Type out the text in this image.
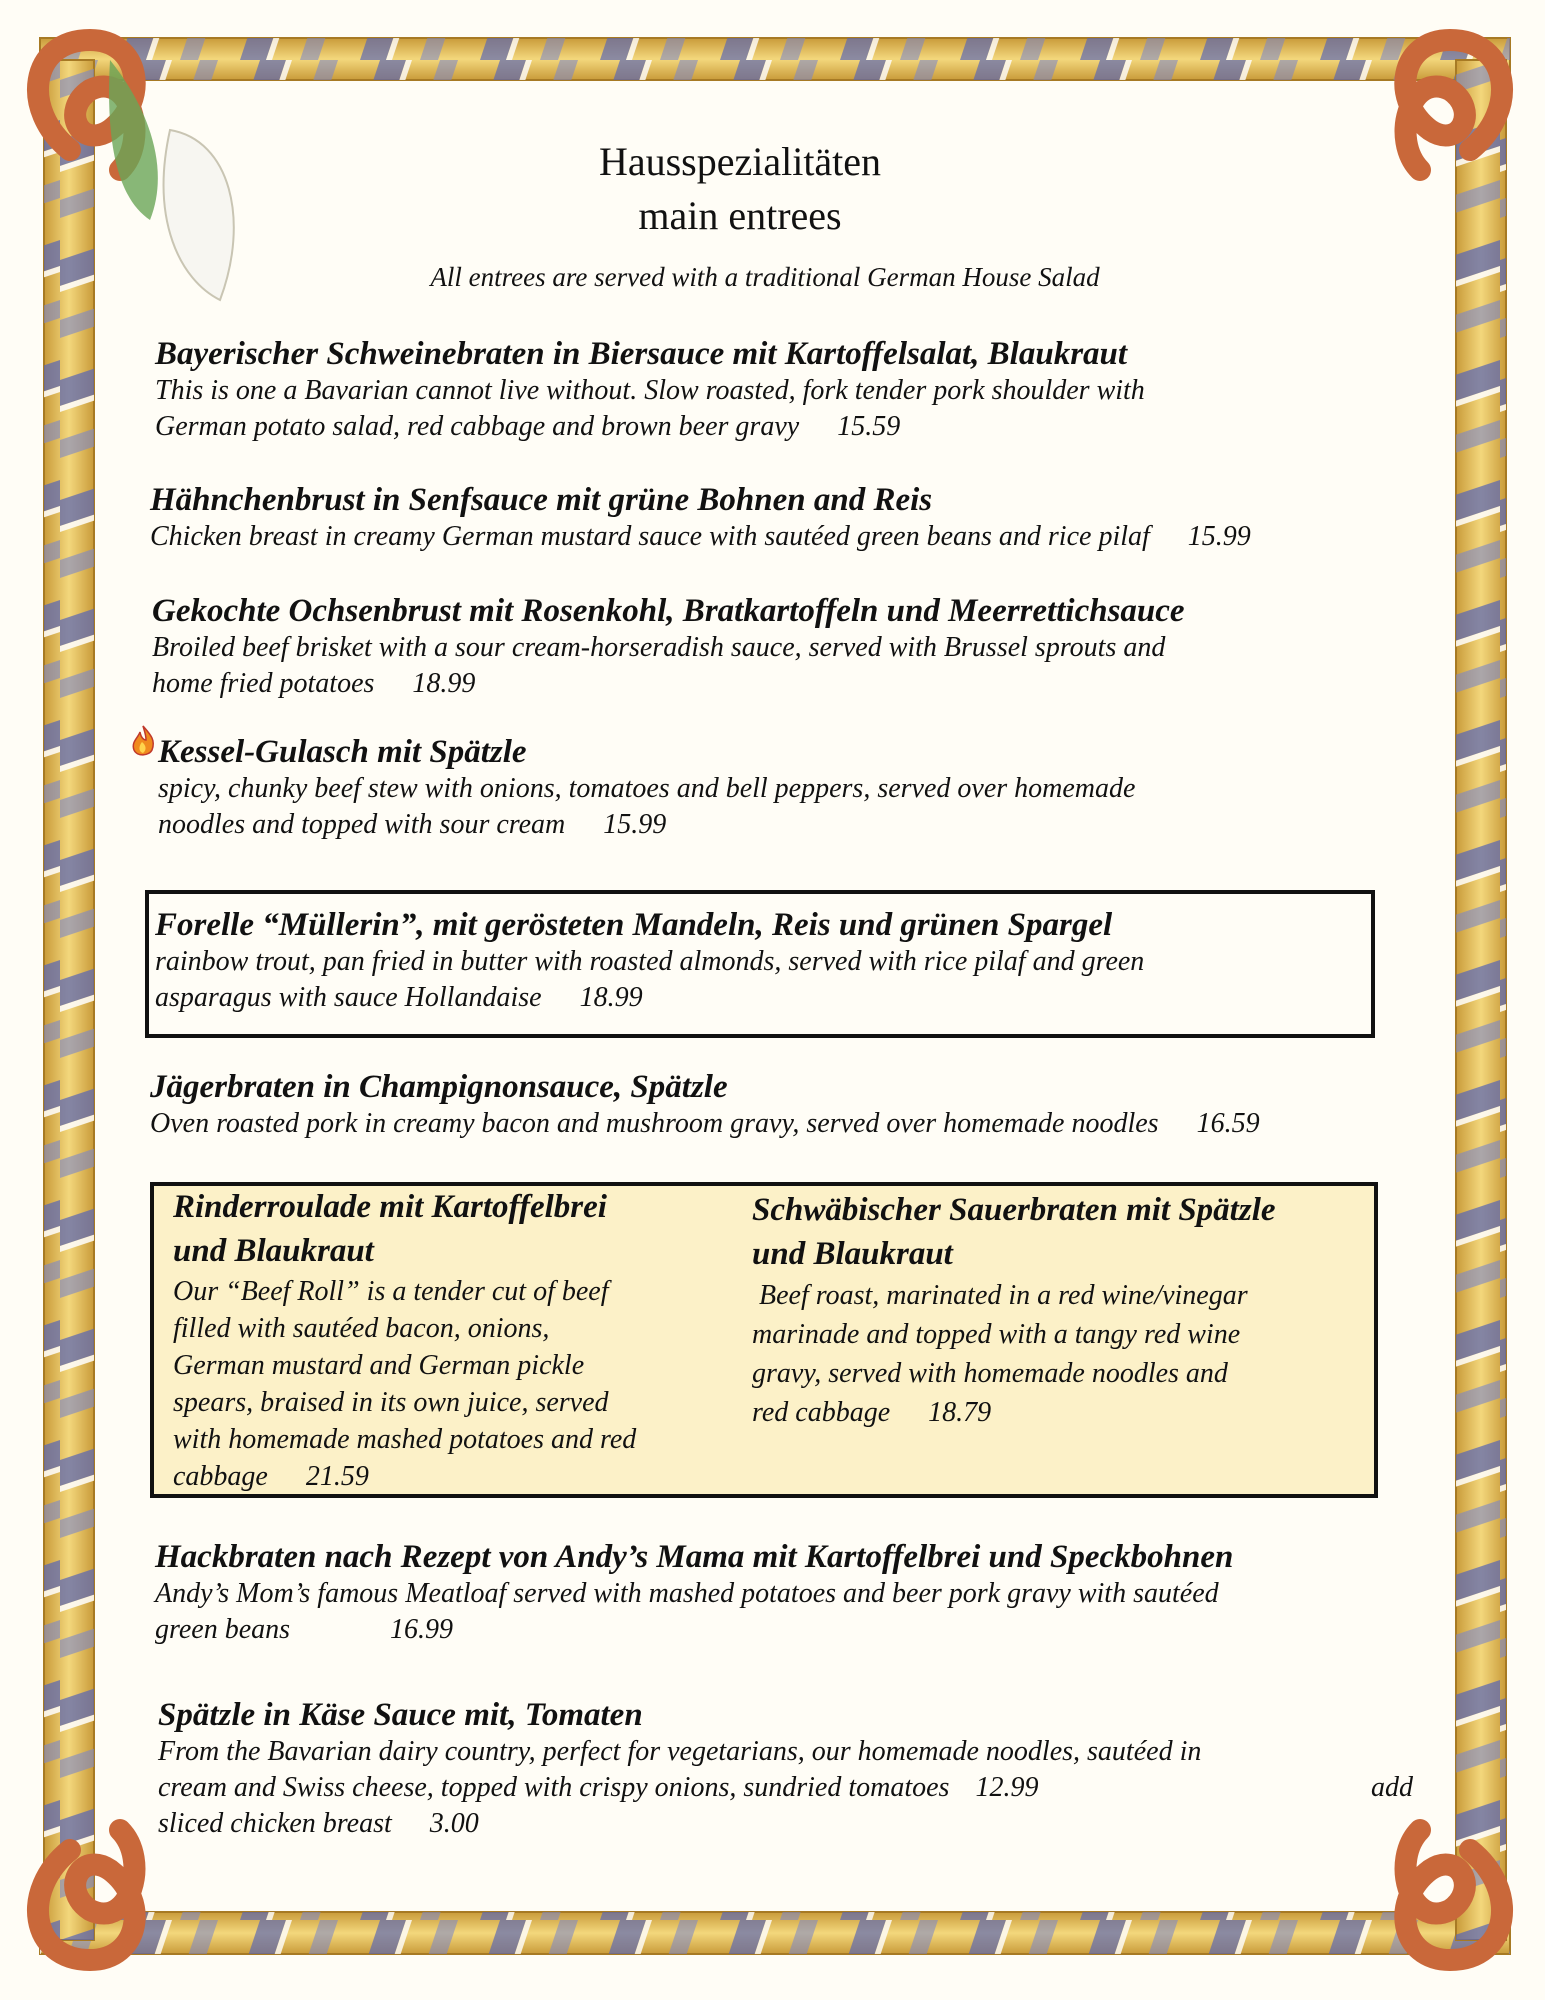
Hausspezialitäten
main entrees
All entrees are served with a traditional German House Salad
Bayerischer Schweinebraten in Biersauce mit Kartoffelsalat, Blaukraut
This is one a Bavarian cannot live without. Slow roasted, fork tender pork shoulder with
German potato salad, red cabbage and brown beer gravy 15.59
Hähnchenbrust in Senfsauce mit grüne Bohnen and Reis
Chicken breast in creamy German mustard sauce with sautéed green beans and rice pilaf 15.99
Gekochte Ochsenbrust mit Rosenkohl, Bratkartoffeln und Meerrettichsauce
Broiled beef brisket with a sour cream-horseradish sauce, served with Brussel sprouts and
home fried potatoes 18.99
Kessel-Gulasch mit Spätzle
spicy, chunky beef stew with onions, tomatoes and bell peppers, served over homemade
noodles and topped with sour cream 15.99
Forelle “Müllerin”, mit gerösteten Mandeln, Reis und grünen Spargel
rainbow trout, pan fried in butter with roasted almonds, served with rice pilaf and green
asparagus with sauce Hollandaise 18.99
Jägerbraten in Champignonsauce, Spätzle
Oven roasted pork in creamy bacon and mushroom gravy, served over homemade noodles 16.59
Rinderroulade mit Kartoffelbrei
und Blaukraut
Our “Beef Roll” is a tender cut of beef
filled with sautéed bacon, onions,
German mustard and German pickle
spears, braised in its own juice, served
with homemade mashed potatoes and red
cabbage 21.59
Schwäbischer Sauerbraten mit Spätzle
und Blaukraut
Beef roast, marinated in a red wine/vinegar
marinade and topped with a tangy red wine
gravy, served with homemade noodles and
red cabbage 18.79
Hackbraten nach Rezept von Andy’s Mama mit Kartoffelbrei und Speckbohnen
Andy’s Mom’s famous Meatloaf served with mashed potatoes and beer pork gravy with sautéed
green beans	16.99
Spätzle in Käse Sauce mit, Tomaten
From the Bavarian dairy country, perfect for vegetarians, our homemade noodles, sautéed in
cream and Swiss cheese, topped with crispy onions, sundried tomatoes 12.99	add
sliced chicken breast 3.00
